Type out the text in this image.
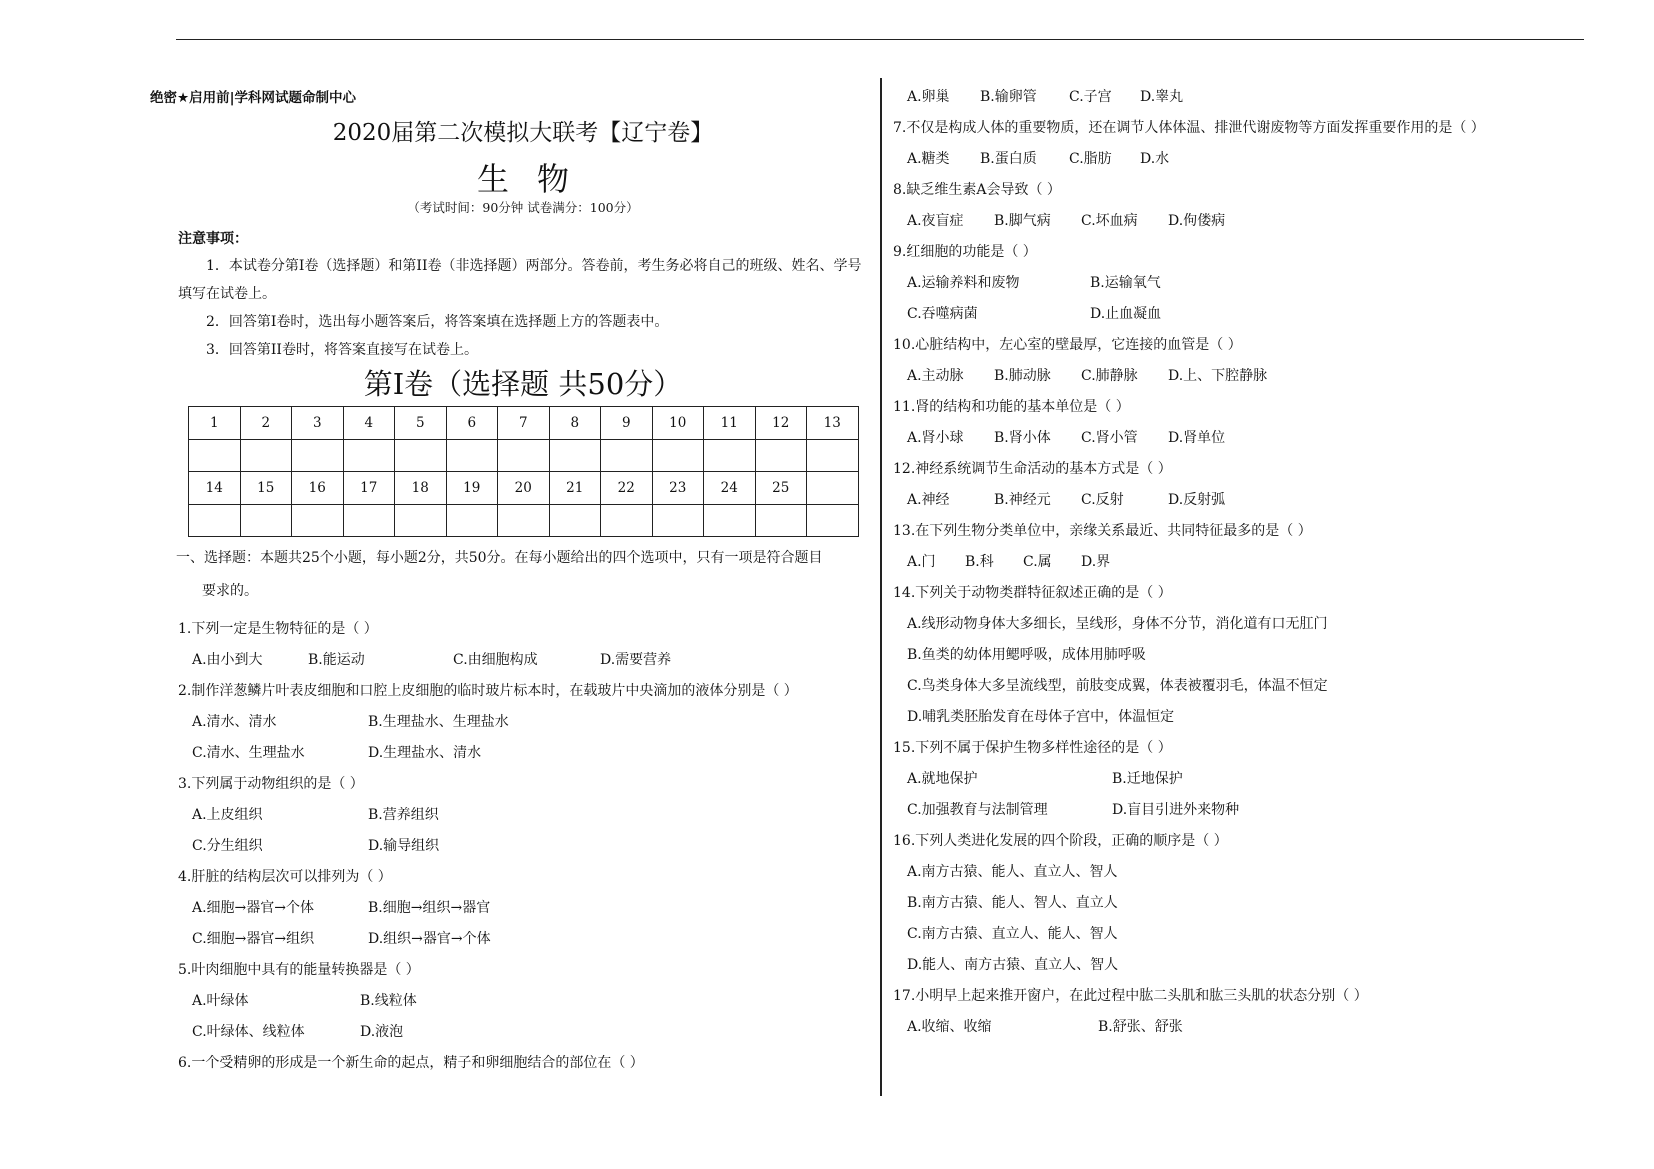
绝密★启用前|学科网试题命制中心
2020届第二次模拟大联考【辽宁卷】
生物
（考试时间：90分钟 试卷满分：100分）
注意事项：
1．本试卷分第I卷（选择题）和第II卷（非选择题）两部分。答卷前，考生务必将自己的班级、姓名、学号填写在试卷上。
2．回答第I卷时，选出每小题答案后，将答案填在选择题上方的答题表中。
3．回答第II卷时，将答案直接写在试卷上。
第I卷（选择题 共50分）
1	2	3	4	5	6	7	8	9	10	11	12	13

14	15	16	17	18	19	20	21	22	23	24	25	

一、选择题：本题共25个小题，每小题2分，共50分。在每小题给出的四个选项中，只有一项是符合题目
要求的。
1.下列一定是生物特征的是（ ）
A.由小到大	B.能运动	C.由细胞构成	D.需要营养
2.制作洋葱鳞片叶表皮细胞和口腔上皮细胞的临时玻片标本时，在载玻片中央滴加的液体分别是（ ）
A.清水、清水	B.生理盐水、生理盐水
C.清水、生理盐水	D.生理盐水、清水
3.下列属于动物组织的是（ ）
A.上皮组织	B.营养组织
C.分生组织	D.输导组织
4.肝脏的结构层次可以排列为（ ）
A.细胞→器官→个体	B.细胞→组织→器官
C.细胞→器官→组织	D.组织→器官→个体
5.叶肉细胞中具有的能量转换器是（ ）
A.叶绿体	B.线粒体
C.叶绿体、线粒体	D.液泡
6.一个受精卵的形成是一个新生命的起点，精子和卵细胞结合的部位在（ ）
A.卵巢 B.输卵管 C.子宫 D.睾丸
7.不仅是构成人体的重要物质，还在调节人体体温、排泄代谢废物等方面发挥重要作用的是（ ）
A.糖类 B.蛋白质 C.脂肪 D.水
8.缺乏维生素A会导致（ ）
A.夜盲症 B.脚气病 C.坏血病 D.佝偻病
9.红细胞的功能是（ ）
A.运输养料和废物	B.运输氧气
C.吞噬病菌	D.止血凝血
10.心脏结构中，左心室的壁最厚，它连接的血管是（ ）
A.主动脉 B.肺动脉 C.肺静脉 D.上、下腔静脉
11.肾的结构和功能的基本单位是（ ）
A.肾小球 B.肾小体 C.肾小管 D.肾单位
12.神经系统调节生命活动的基本方式是（ ）
A.神经	B.神经元 C.反射	D.反射弧
13.在下列生物分类单位中，亲缘关系最近、共同特征最多的是（ ）
A.门 B.科 C.属 D.界
14.下列关于动物类群特征叙述正确的是（ ）
A.线形动物身体大多细长，呈线形，身体不分节，消化道有口无肛门
B.鱼类的幼体用鳃呼吸，成体用肺呼吸
C.鸟类身体大多呈流线型，前肢变成翼，体表被覆羽毛，体温不恒定
D.哺乳类胚胎发育在母体子宫中，体温恒定
15.下列不属于保护生物多样性途径的是（ ）
A.就地保护	B.迁地保护
C.加强教育与法制管理	D.盲目引进外来物种
16.下列人类进化发展的四个阶段，正确的顺序是（ ）
A.南方古猿、能人、直立人、智人
B.南方古猿、能人、智人、直立人
C.南方古猿、直立人、能人、智人
D.能人、南方古猿、直立人、智人
17.小明早上起来推开窗户，在此过程中肱二头肌和肱三头肌的状态分别（ ）
A.收缩、收缩	B.舒张、舒张
